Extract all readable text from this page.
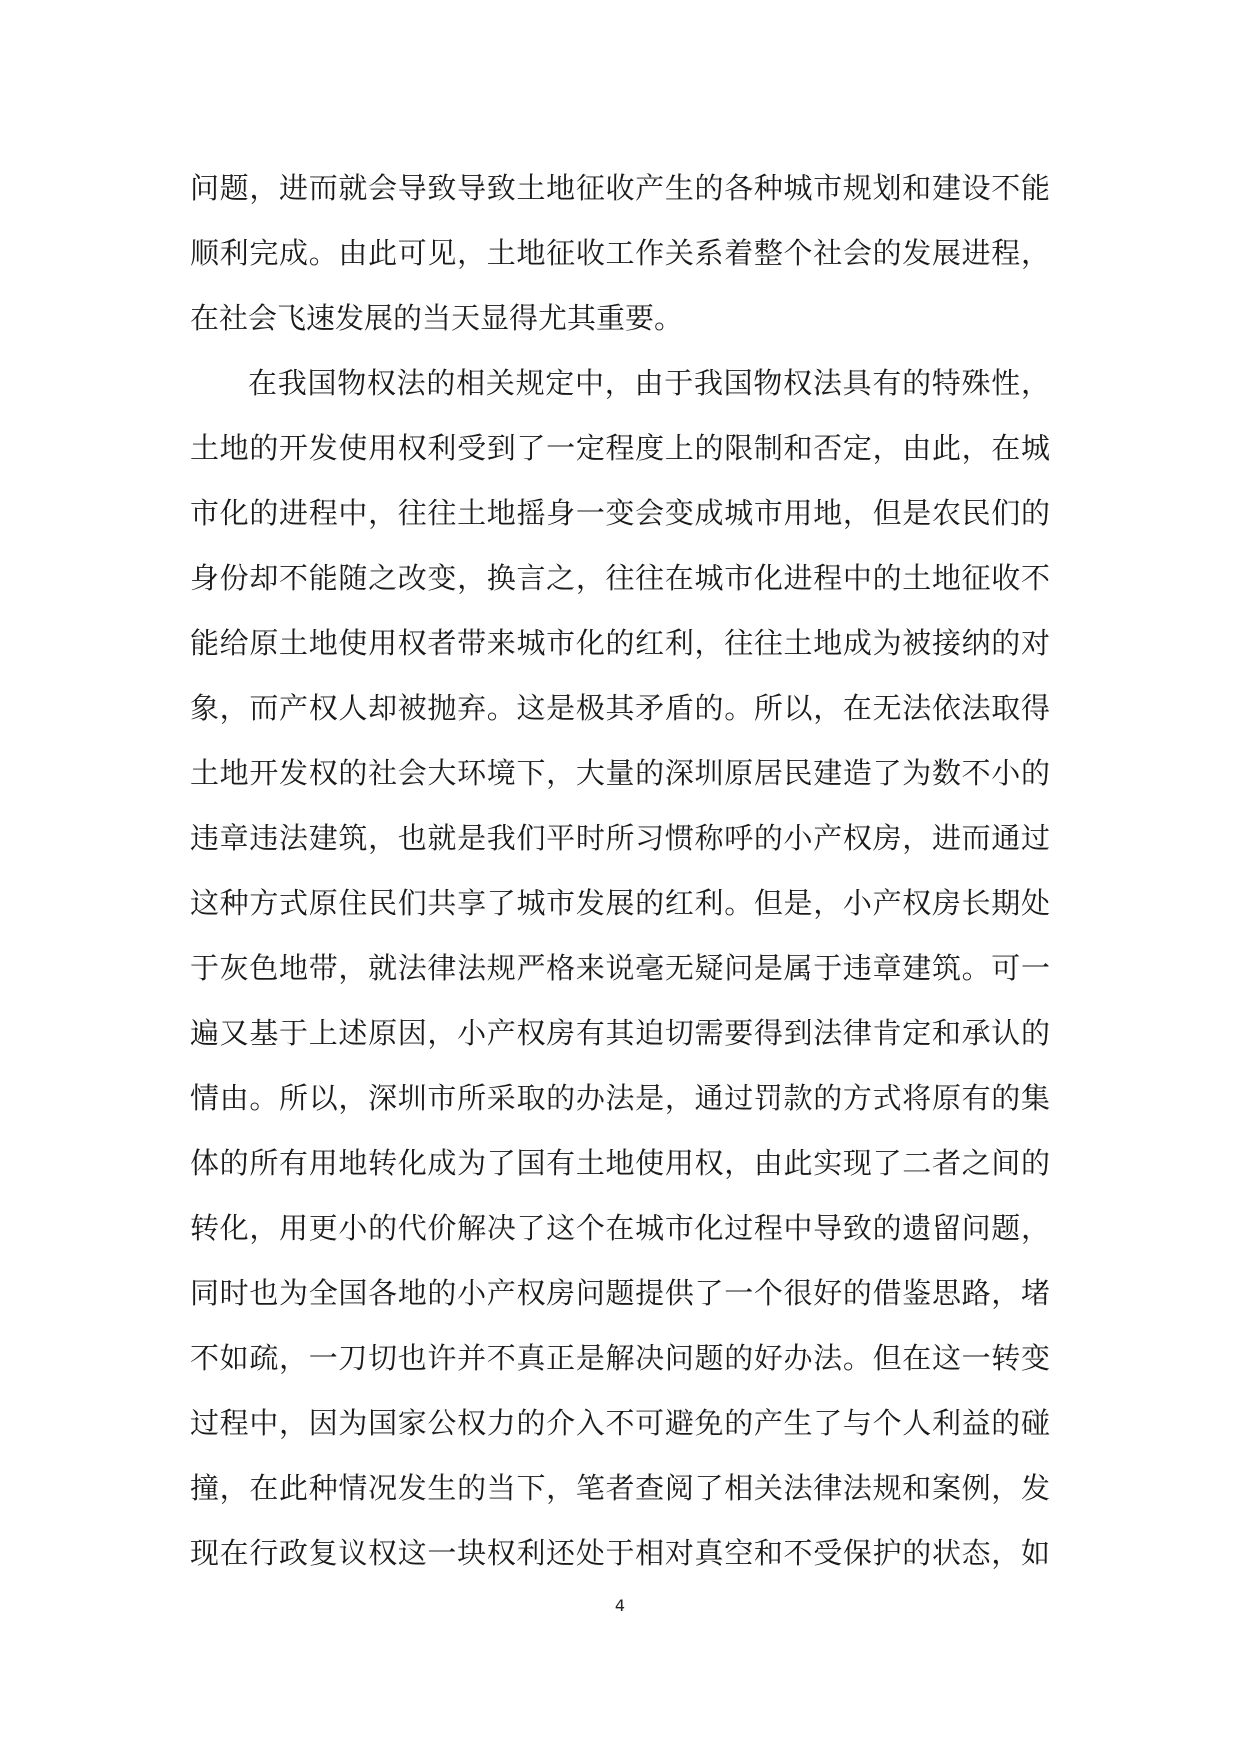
问题，进而就会导致导致土地征收产生的各种城市规划和建设不能
顺利完成。由此可见，土地征收工作关系着整个社会的发展进程，
在社会飞速发展的当天显得尤其重要。
在我国物权法的相关规定中，由于我国物权法具有的特殊性，
土地的开发使用权利受到了一定程度上的限制和否定，由此，在城
市化的进程中，往往土地摇身一变会变成城市用地，但是农民们的
身份却不能随之改变，换言之，往往在城市化进程中的土地征收不
能给原土地使用权者带来城市化的红利，往往土地成为被接纳的对
象，而产权人却被抛弃。这是极其矛盾的。所以，在无法依法取得
土地开发权的社会大环境下，大量的深圳原居民建造了为数不小的
违章违法建筑，也就是我们平时所习惯称呼的小产权房，进而通过
这种方式原住民们共享了城市发展的红利。但是，小产权房长期处
于灰色地带，就法律法规严格来说毫无疑问是属于违章建筑。可一
遍又基于上述原因，小产权房有其迫切需要得到法律肯定和承认的
情由。所以，深圳市所采取的办法是，通过罚款的方式将原有的集
体的所有用地转化成为了国有土地使用权，由此实现了二者之间的
转化，用更小的代价解决了这个在城市化过程中导致的遗留问题，
同时也为全国各地的小产权房问题提供了一个很好的借鉴思路，堵
不如疏，一刀切也许并不真正是解决问题的好办法。但在这一转变
过程中，因为国家公权力的介入不可避免的产生了与个人利益的碰
撞，在此种情况发生的当下，笔者查阅了相关法律法规和案例，发
现在行政复议权这一块权利还处于相对真空和不受保护的状态，如
4
